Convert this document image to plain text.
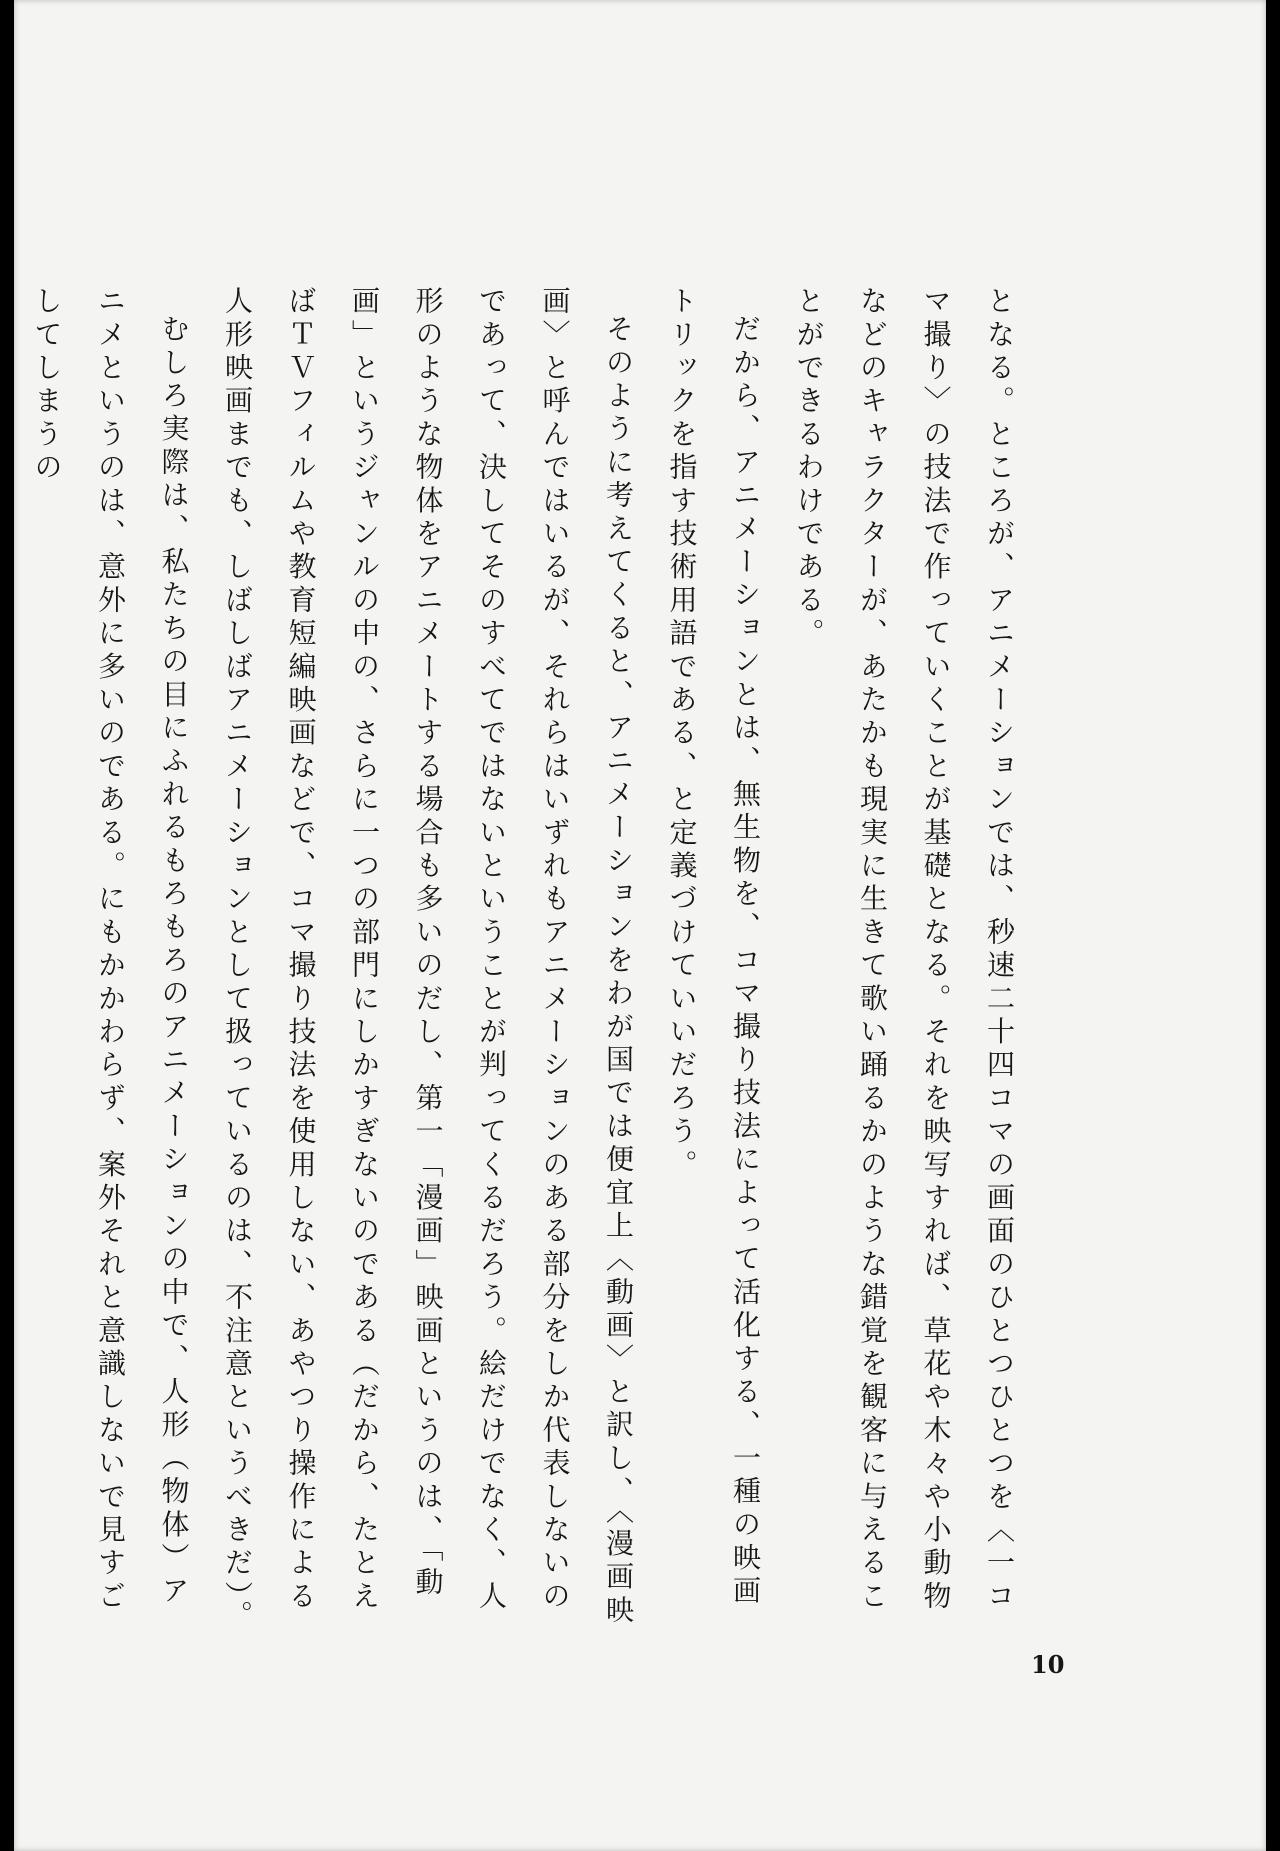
となる。ところが、アニメーションでは、秒速二十四コマの画面のひとつひとつを〈一コマ撮り〉の技法で作っていくことが基礎となる。それを映写すれば、草花や木々や小動物などのキャラクターが、あたかも現実に生きて歌い踊るかのような錯覚を観客に与えることができるわけである。

だから、アニメーションとは、無生物を、コマ撮り技法によって活化する、一種の映画トリックを指す技術用語である、と定義づけていいだろう。

そのように考えてくると、アニメーションをわが国では便宜上〈動画〉と訳し、〈漫画映画〉と呼んではいるが、それらはいずれもアニメーションのある部分をしか代表しないのであって、決してそのすべてではないということが判ってくるだろう。絵だけでなく、人形のような物体をアニメートする場合も多いのだし、第一「漫画」映画というのは、「動画」というジャンルの中の、さらに一つの部門にしかすぎないのである（だから、たとえばＴＶフィルムや教育短編映画などで、コマ撮り技法を使用しない、あやつり操作による人形映画までも、しばしばアニメーションとして扱っているのは、不注意というべきだ）。

むしろ実際は、私たちの目にふれるもろもろのアニメーションの中で、人形（物体）アニメというのは、意外に多いのである。にもかかわらず、案外それと意識しないで見すごしてしまうの

10
